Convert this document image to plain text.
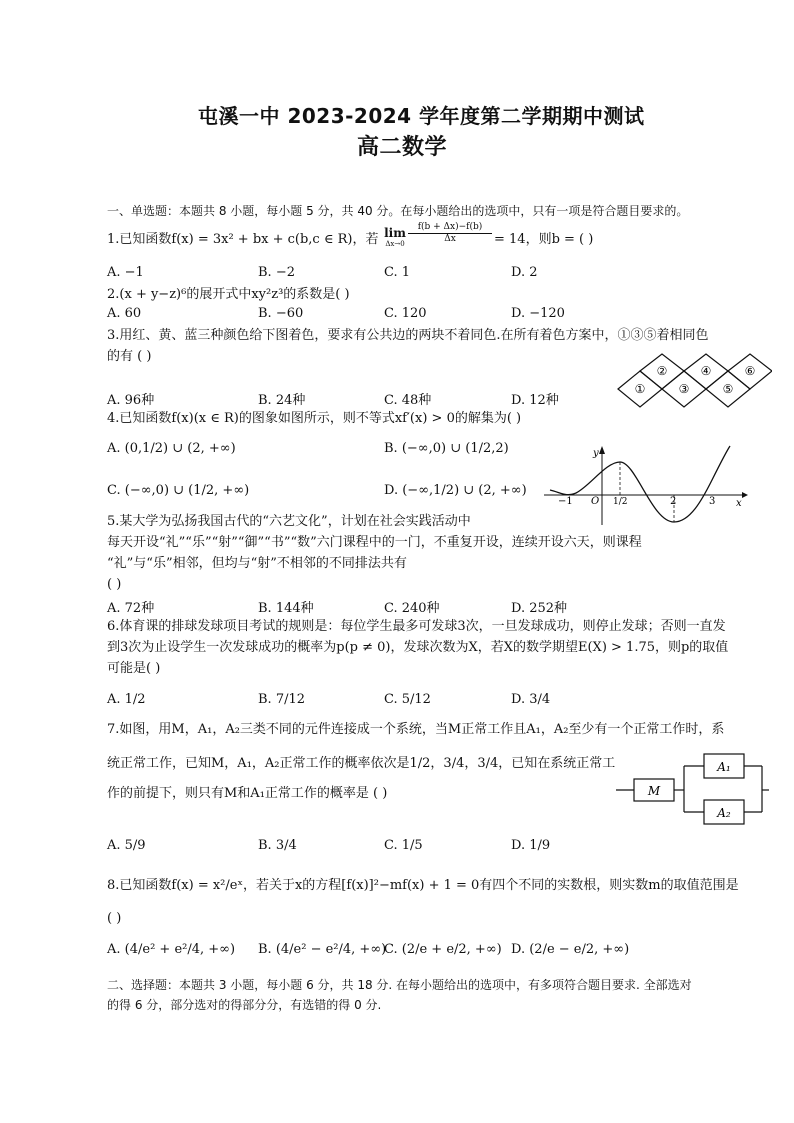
屯溪一中 2023-2024 学年度第二学期期中测试
高二数学
一、单选题：本题共 8 小题，每小题 5 分，共 40 分。在每小题给出的选项中，只有一项是符合题目要求的。
1.已知函数f(x) = 3x² + bx + c(b,c ∈ R)，若 lim
$\Delta x\to 0 \frac{f(b + \Delta x)-f(b)}{\Delta x} = 14$，则b = ( )
A. −1	B. −2	C. 1	D. 2
2.(x + y−z)⁶的展开式中xy²z³的系数是( )
A. 60	B. −60	C. 120	D. −120
3.用红、黄、蓝三种颜色给下图着色，要求有公共边的两块不着同色.在所有着色方案中，①③⑤着相同色
的有 ( )
A. 96种	B. 24种	C. 48种	D. 12种
①
②
③
④
⑤
⑥
4.已知函数f(x)(x ∈ R)的图象如图所示，则不等式xf′(x) > 0的解集为( )
A. (0,1/2) ∪ (2, +∞)	B. (−∞,0) ∪ (1/2,2)
C. (−∞,0) ∪ (1/2, +∞)	D. (−∞,1/2) ∪ (2, +∞)
y
x
O
−1	1/2	2	3
5.某大学为弘扬我国古代的“六艺文化”，计划在社会实践活动中
每天开设“礼”“乐”“射”“御”“书”“数”六门课程中的一门，不重复开设，连续开设六天，则课程
“礼”与“乐”相邻，但均与“射”不相邻的不同排法共有
( )
A. 72种	B. 144种	C. 240种	D. 252种
6.体育课的排球发球项目考试的规则是：每位学生最多可发球3次，一旦发球成功，则停止发球；否则一直发
到3次为止设学生一次发球成功的概率为p(p ≠ 0)，发球次数为X，若X的数学期望E(X) > 1.75，则p的取值
可能是( )
A. 1/2	B. 7/12	C. 5/12	D. 3/4
7.如图，用M，A₁，A₂三类不同的元件连接成一个系统，当M正常工作且A₁，A₂至少有一个正常工作时，系
统正常工作，已知M，A₁，A₂正常工作的概率依次是1/2，3/4，3/4，已知在系统正常工
作的前提下，则只有M和A₁正常工作的概率是 ( )
A. 5/9	B. 3/4	C. 1/5	D. 1/9
M
A₁
A₂
8.已知函数f(x) = x²/eˣ，若关于x的方程[f(x)]²−mf(x) + 1 = 0有四个不同的实数根，则实数m的取值范围是
( )
A. (4/e² + e²/4, +∞) B. (4/e² − e²/4, +∞)
C. (2/e + e/2, +∞) D. (2/e − e/2, +∞)
二、选择题：本题共 3 小题，每小题 6 分，共 18 分. 在每小题给出的选项中，有多项符合题目要求. 全部选对
的得 6 分，部分选对的得部分分，有选错的得 0 分.
